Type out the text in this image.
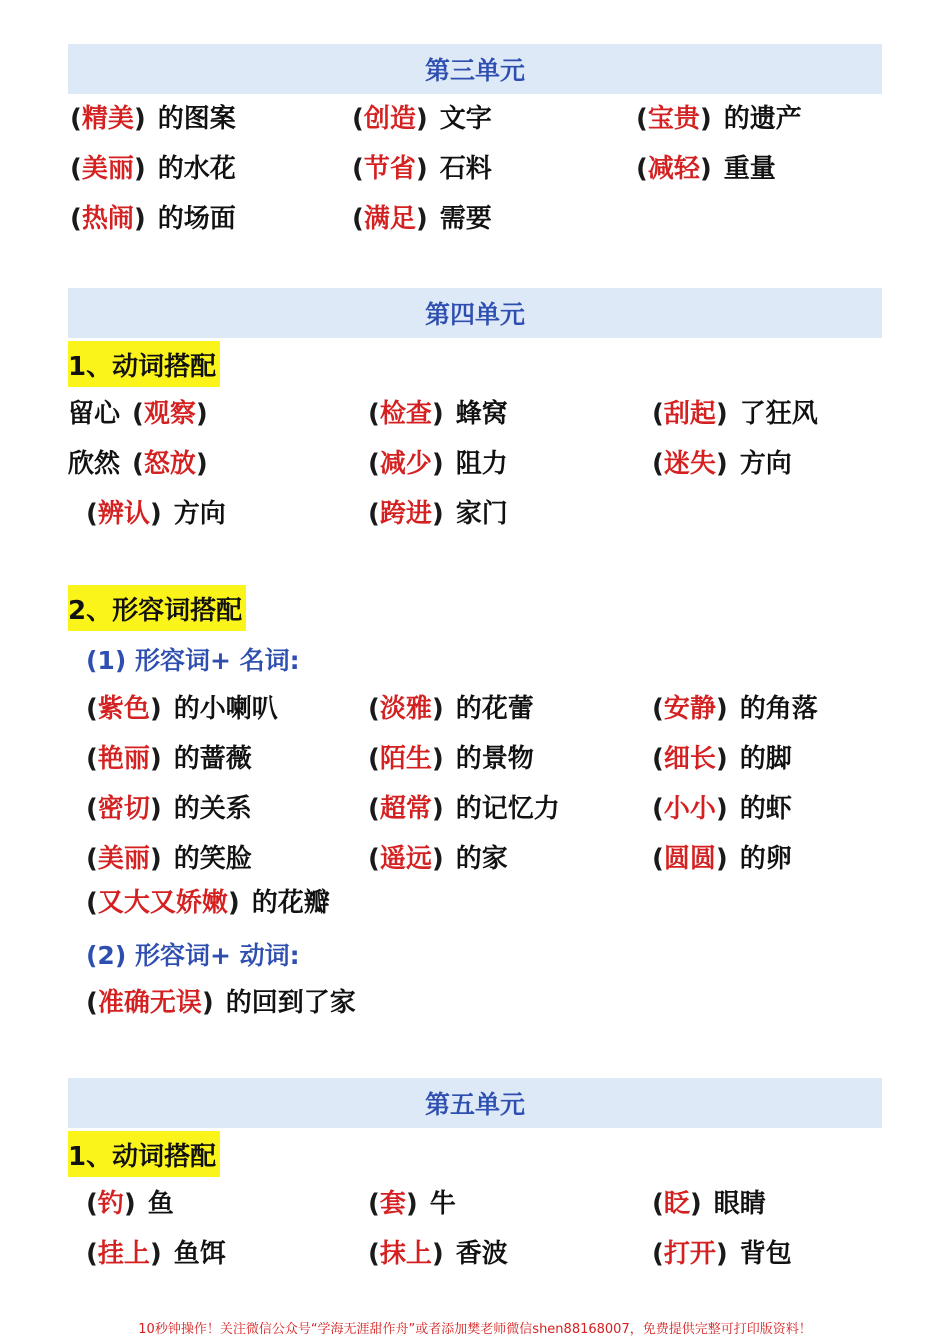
第三单元
(精美) 的图案	(创造) 文字	(宝贵) 的遗产
(美丽) 的水花	(节省) 石料	(减轻) 重量
(热闹) 的场面	(满足) 需要
第四单元
1、动词搭配
留心 (观察)	(检查) 蜂窝	(刮起) 了狂风
欣然 (怒放)	(减少) 阻力	(迷失) 方向
(辨认) 方向	(跨进) 家门
2、形容词搭配
(1) 形容词+ 名词:
(紫色) 的小喇叭	(淡雅) 的花蕾	(安静) 的角落
(艳丽) 的蔷薇	(陌生) 的景物	(细长) 的脚
(密切) 的关系	(超常) 的记忆力	(小小) 的虾
(美丽) 的笑脸	(遥远) 的家	(圆圆) 的卵
(又大又娇嫩) 的花瓣
(2) 形容词+ 动词:
(准确无误) 的回到了家
第五单元
1、动词搭配
(钓) 鱼	(套) 牛	(眨) 眼睛
(挂上) 鱼饵	(抹上) 香波	(打开) 背包
10秒钟操作！关注微信公众号“学海无涯甜作舟”或者添加樊老师微信shen88168007，免费提供完整可打印版资料！
